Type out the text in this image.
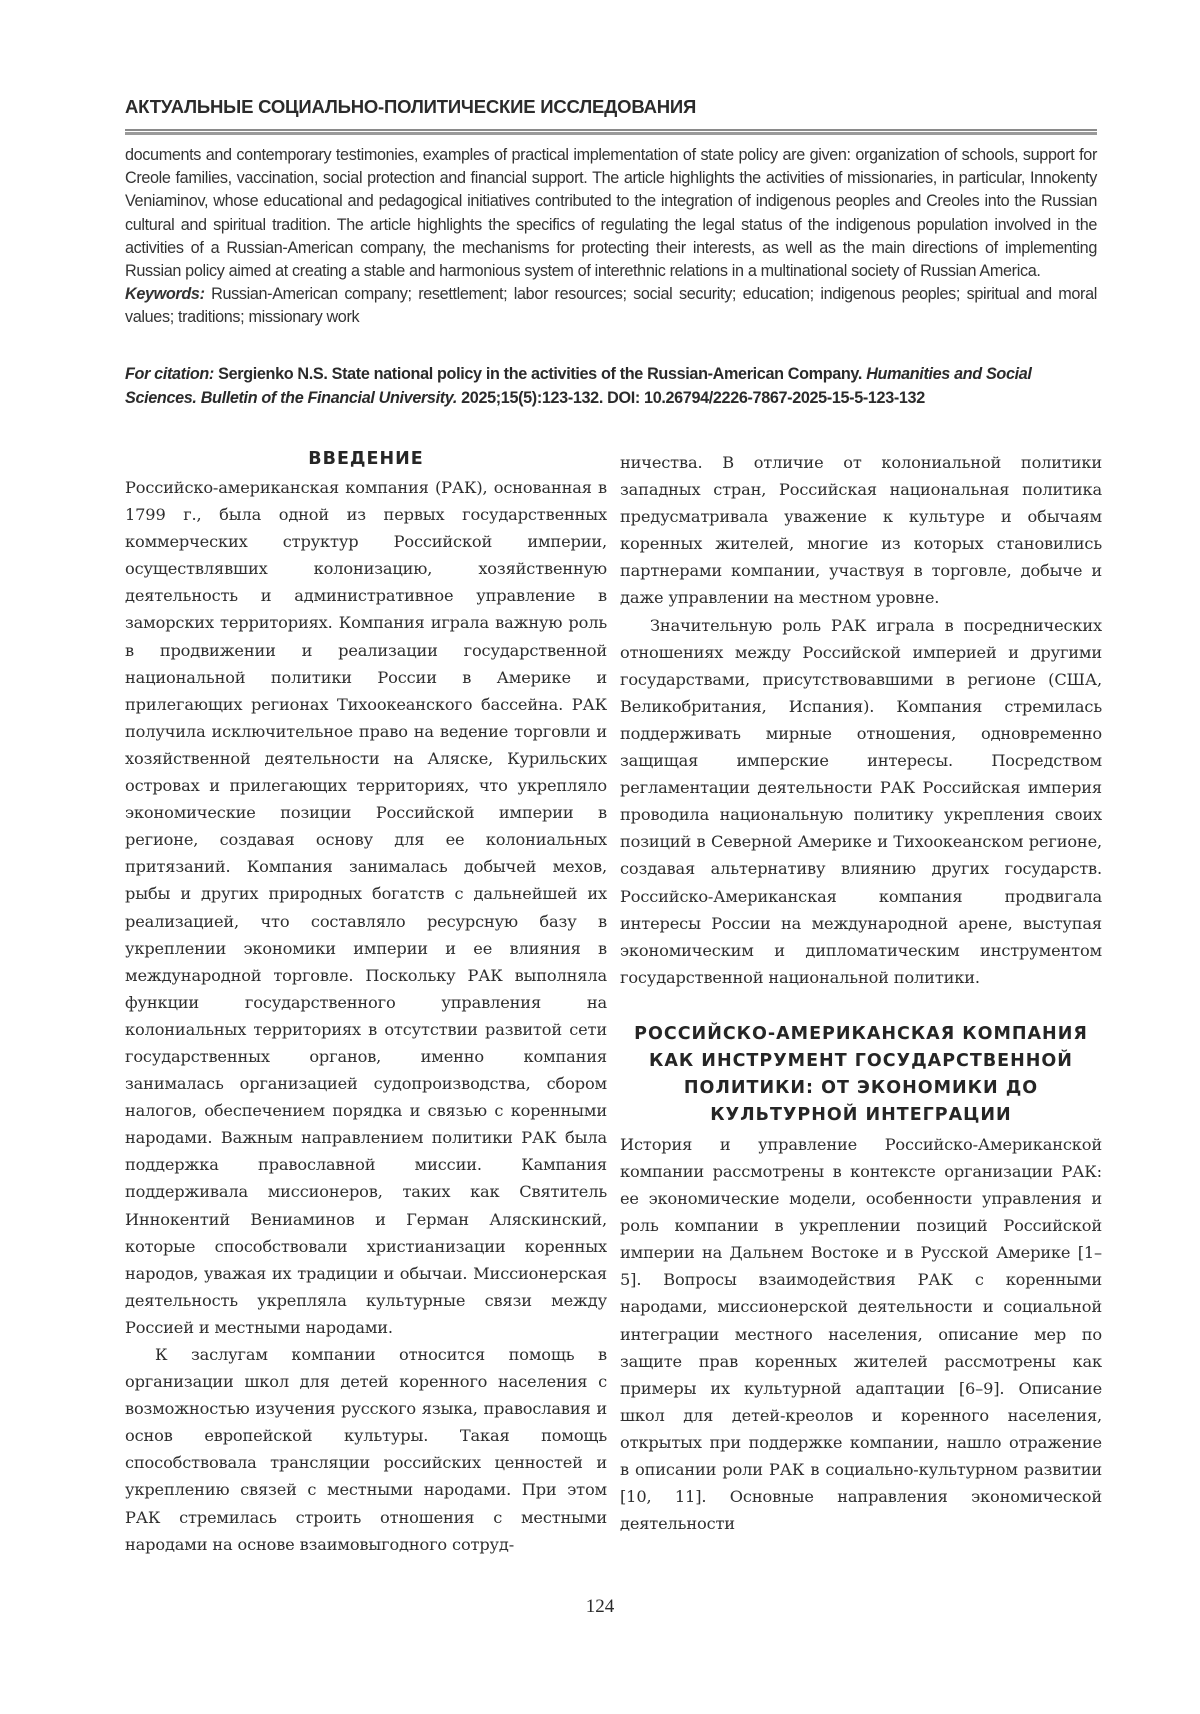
АКТУАЛЬНЫЕ СОЦИАЛЬНО-ПОЛИТИЧЕСКИЕ ИССЛЕДОВАНИЯ

documents and contemporary testimonies, examples of practical implementation of state policy are given: organization of schools, support for Creole families, vaccination, social protection and financial support. The article highlights the activities of missionaries, in particular, Innokenty Veniaminov, whose educational and pedagogical initiatives contributed to the integration of indigenous peoples and Creoles into the Russian cultural and spiritual tradition. The article highlights the specifics of regulating the legal status of the indigenous population involved in the activities of a Russian-American company, the mechanisms for protecting their interests, as well as the main directions of implementing Russian policy aimed at creating a stable and harmonious system of interethnic relations in a multinational society of Russian America.

Keywords: Russian-American company; resettlement; labor resources; social security; education; indigenous peoples; spiritual and moral values; traditions; missionary work

For citation: Sergienko N.S. State national policy in the activities of the Russian-American Company. Humanities and Social Sciences. Bulletin of the Financial University. 2025;15(5):123-132. DOI: 10.26794/2226-7867-2025-15-5-123-132
ВВЕДЕНИЕ

Российско-американская компания (РАК), основанная в 1799 г., была одной из первых государственных коммерческих структур Российской империи, осуществлявших колонизацию, хозяйственную деятельность и административное управление в заморских территориях. Компания играла важную роль в продвижении и реализации государственной национальной политики России в Америке и прилегающих регионах Тихоокеанского бассейна. РАК получила исключительное право на ведение торговли и хозяйственной деятельности на Аляске, Курильских островах и прилегающих территориях, что укрепляло экономические позиции Российской империи в регионе, создавая основу для ее колониальных притязаний. Компания занималась добычей мехов, рыбы и других природных богатств с дальнейшей их реализацией, что составляло ресурсную базу в укреплении экономики империи и ее влияния в международной торговле. Поскольку РАК выполняла функции государственного управления на колониальных территориях в отсутствии развитой сети государственных органов, именно компания занималась организацией судопроизводства, сбором налогов, обеспечением порядка и связью с коренными народами. Важным направлением политики РАК была поддержка православной миссии. Кампания поддерживала миссионеров, таких как Святитель Иннокентий Вениаминов и Герман Аляскинский, которые способствовали христианизации коренных народов, уважая их традиции и обычаи. Миссионерская деятельность укрепляла культурные связи между Россией и местными народами.

К заслугам компании относится помощь в организации школ для детей коренного населения с возможностью изучения русского языка, православия и основ европейской культуры. Такая помощь способствовала трансляции российских ценностей и укреплению связей с местными народами. При этом РАК стремилась строить отношения с местными народами на основе взаимовыгодного сотруд-

ничества. В отличие от колониальной политики западных стран, Российская национальная политика предусматривала уважение к культуре и обычаям коренных жителей, многие из которых становились партнерами компании, участвуя в торговле, добыче и даже управлении на местном уровне.

Значительную роль РАК играла в посреднических отношениях между Российской империей и другими государствами, присутствовавшими в регионе (США, Великобритания, Испания). Компания стремилась поддерживать мирные отношения, одновременно защищая имперские интересы. Посредством регламентации деятельности РАК Российская империя проводила национальную политику укрепления своих позиций в Северной Америке и Тихоокеанском регионе, создавая альтернативу влиянию других государств. Российско-Американская компания продвигала интересы России на международной арене, выступая экономическим и дипломатическим инструментом государственной национальной политики.

РОССИЙСКО-АМЕРИКАНСКАЯ КОМПАНИЯ КАК ИНСТРУМЕНТ ГОСУДАРСТВЕННОЙ ПОЛИТИКИ: ОТ ЭКОНОМИКИ ДО КУЛЬТУРНОЙ ИНТЕГРАЦИИ

История и управление Российско-Американской компании рассмотрены в контексте организации РАК: ее экономические модели, особенности управления и роль компании в укреплении позиций Российской империи на Дальнем Востоке и в Русской Америке [1–5]. Вопросы взаимодействия РАК с коренными народами, миссионерской деятельности и социальной интеграции местного населения, описание мер по защите прав коренных жителей рассмотрены как примеры их культурной адаптации [6–9]. Описание школ для детей-креолов и коренного населения, открытых при поддержке компании, нашло отражение в описании роли РАК в социально-культурном развитии [10, 11]. Основные направления экономической деятельности

124
